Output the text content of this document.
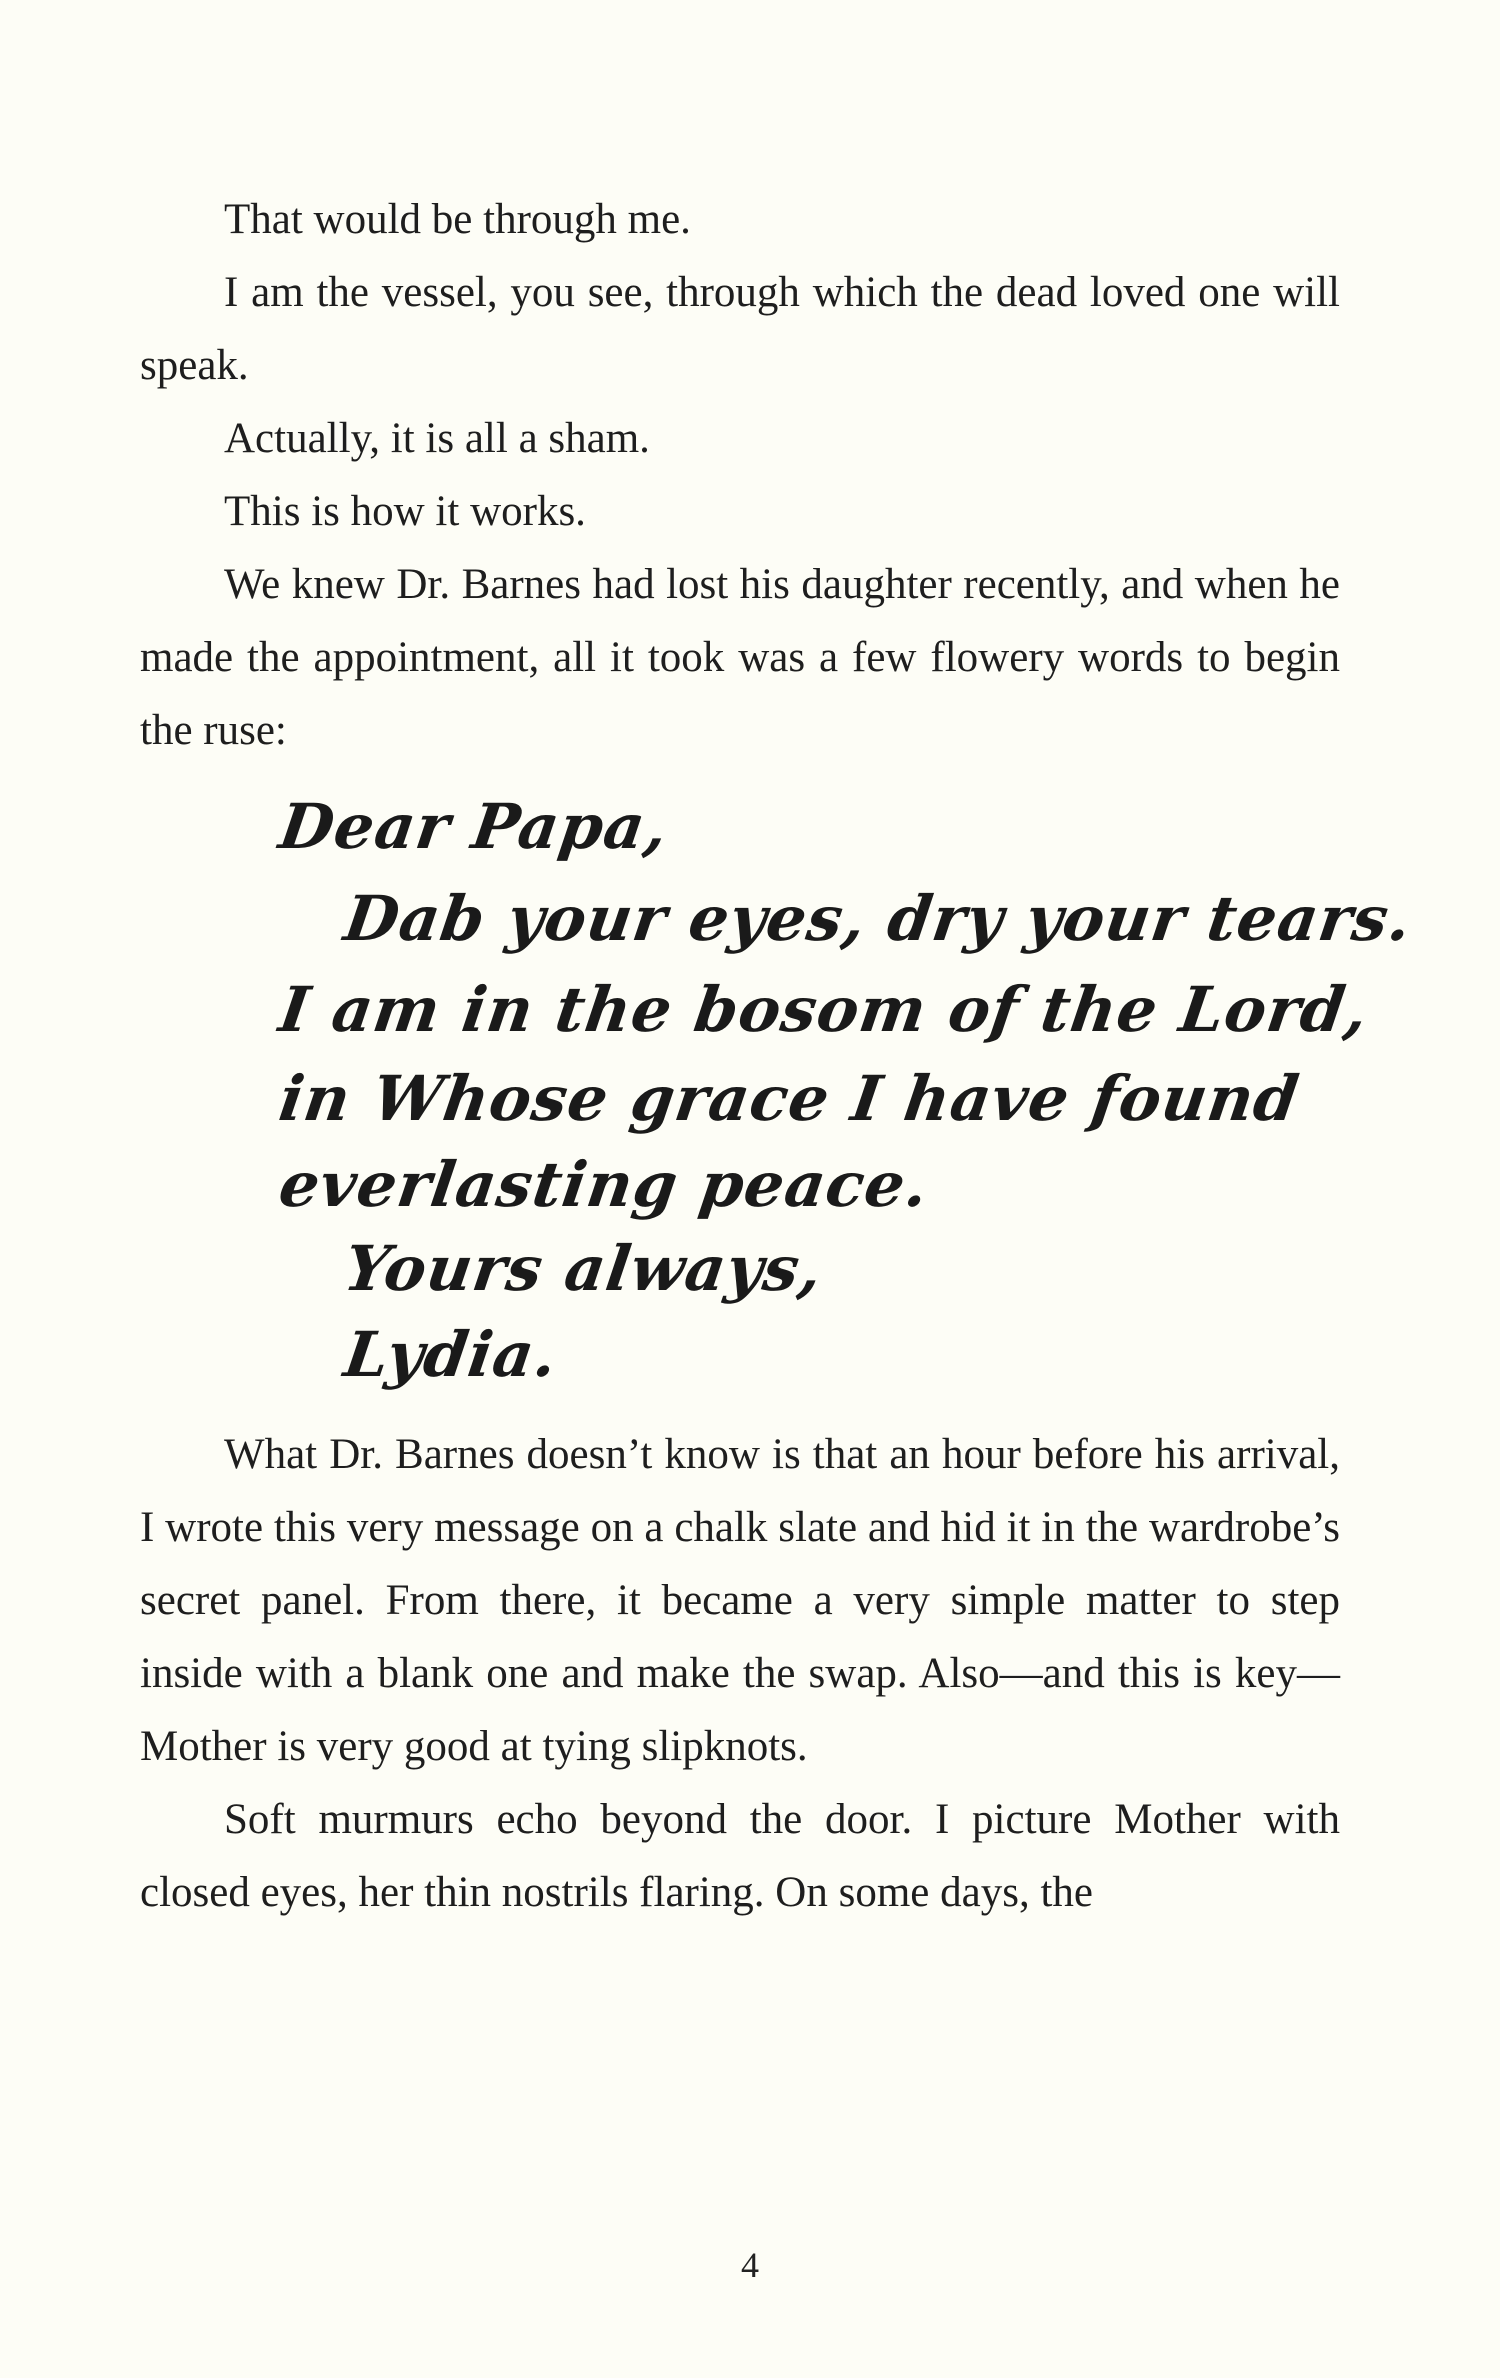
That would be through me.

I am the vessel, you see, through which the dead loved one will speak.

Actually, it is all a sham.

This is how it works.

We knew Dr. Barnes had lost his daughter recently, and when he made the appointment, all it took was a few flowery words to begin the ruse:

Dear Papa,
Dab your eyes, dry your tears.
I am in the bosom of the Lord,
in Whose grace I have found
everlasting peace.
Yours always,
Lydia.

What Dr. Barnes doesn’t know is that an hour before his arrival, I wrote this very message on a chalk slate and hid it in the wardrobe’s secret panel. From there, it became a very simple matter to step inside with a blank one and make the swap. Also—and this is key—Mother is very good at tying slipknots.

Soft murmurs echo beyond the door. I picture Mother with closed eyes, her thin nostrils flaring. On some days, the

4
